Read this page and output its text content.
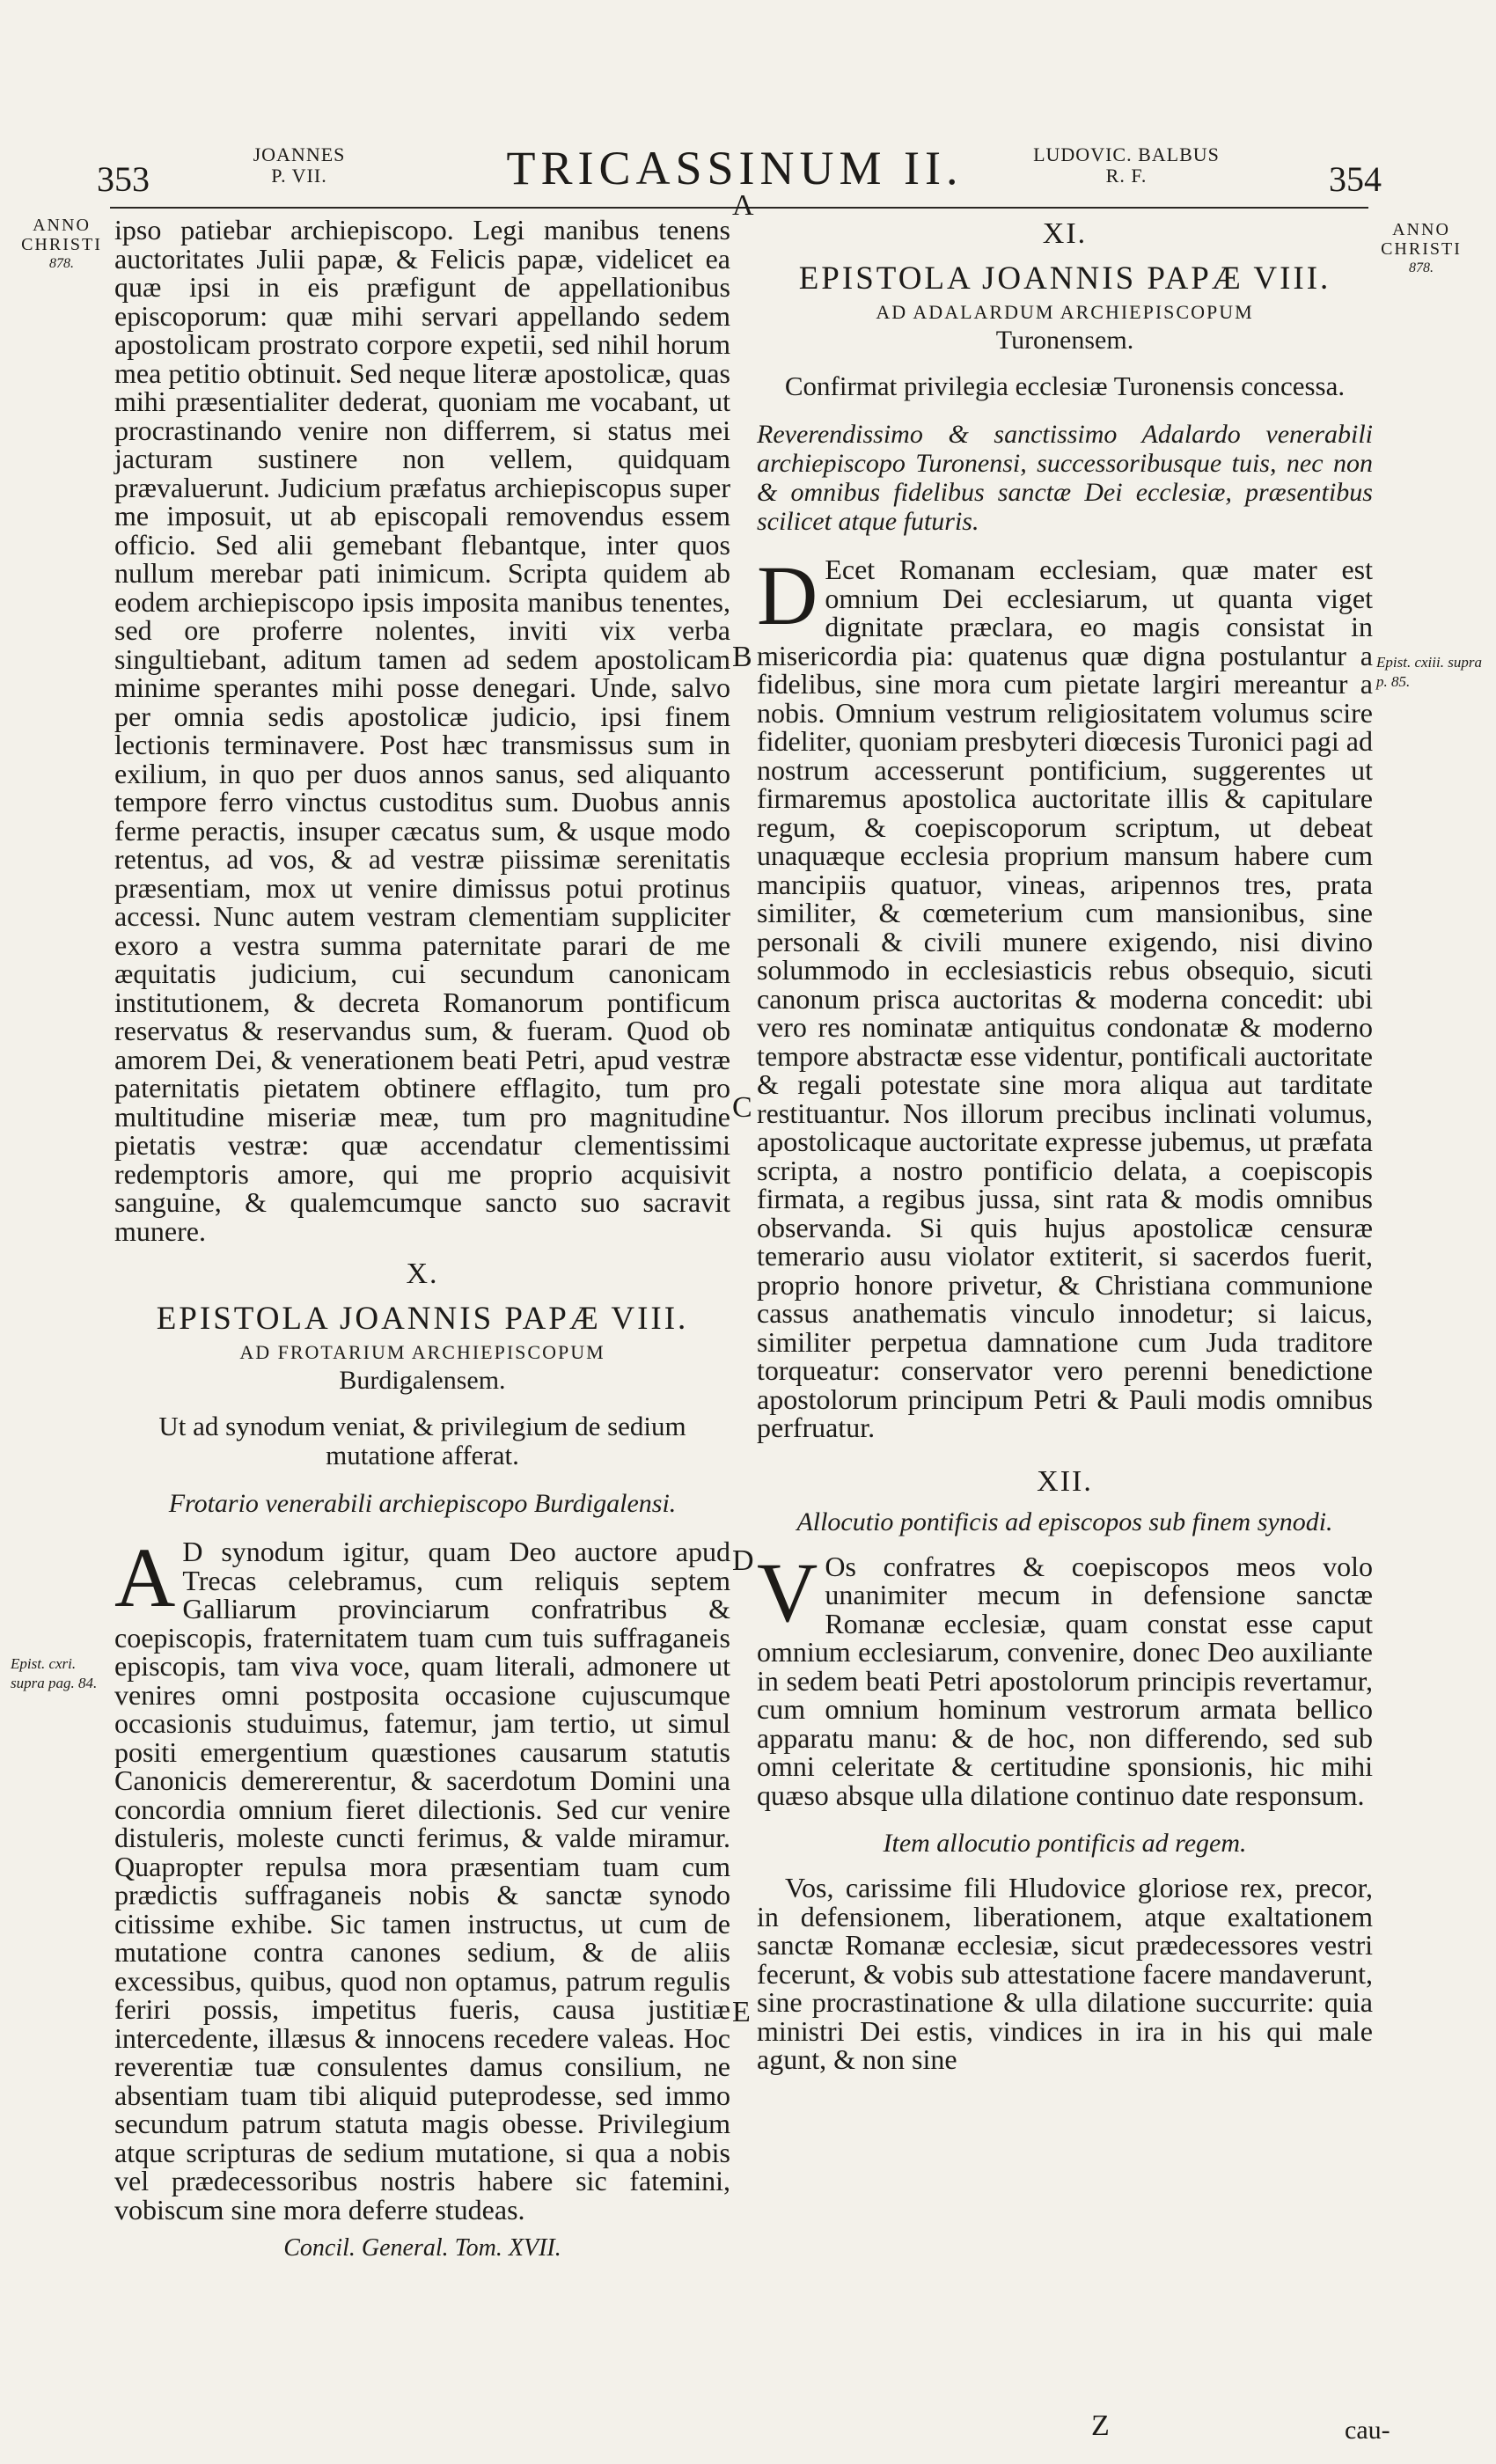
353
JOANNES
P. VII.	TRICASSINUM II.	LUDOVIC. BALBUS
R. F.	354
ANNO
CHRISTI
878.
ANNO
CHRISTI
878.
Epist. cxri. supra pag. 84.
Epist. cxiii. supra p. 85.
A
B
C
D
E

ipso patiebar archiepiscopo. Legi manibus tenens auctoritates Julii papæ, & Felicis papæ, videlicet ea quæ ipsi in eis præfigunt de appellationibus episcoporum: quæ mihi servari appellando sedem apostolicam prostrato corpore expetii, sed nihil horum mea petitio obtinuit. Sed neque literæ apostolicæ, quas mihi præsentialiter dederat, quoniam me vocabant, ut procrastinando venire non differrem, si status mei jacturam sustinere non vellem, quidquam prævaluerunt. Judicium præfatus archiepiscopus super me imposuit, ut ab episcopali removendus essem officio. Sed alii gemebant flebantque, inter quos nullum merebar pati inimicum. Scripta quidem ab eodem archiepiscopo ipsis imposita manibus tenentes, sed ore proferre nolentes, inviti vix verba singultiebant, aditum tamen ad sedem apostolicam minime sperantes mihi posse denegari. Unde, salvo per omnia sedis apostolicæ judicio, ipsi finem lectionis terminavere. Post hæc transmissus sum in exilium, in quo per duos annos sanus, sed aliquanto tempore ferro vinctus custoditus sum. Duobus annis ferme peractis, insuper cæcatus sum, & usque modo retentus, ad vos, & ad vestræ piissimæ serenitatis præsentiam, mox ut venire dimissus potui protinus accessi. Nunc autem vestram clementiam suppliciter exoro a vestra summa paternitate parari de me æquitatis judicium, cui secundum canonicam institutionem, & decreta Romanorum pontificum reservatus & reservandus sum, & fueram. Quod ob amorem Dei, & venerationem beati Petri, apud vestræ paternitatis pietatem obtinere efflagito, tum pro multitudine miseriæ meæ, tum pro magnitudine pietatis vestræ: quæ accendatur clementissimi redemptoris amore, qui me proprio acquisivit sanguine, & qualemcumque sancto suo sacravit munere.

X.
EPISTOLA JOANNIS PAPÆ VIII.
AD FROTARIUM ARCHIEPISCOPUM
Burdigalensem.

Ut ad synodum veniat, & privilegium de sedium mutatione afferat.

Frotario venerabili archiepiscopo Burdigalensi.

A D synodum igitur, quam Deo auctore apud Trecas celebramus, cum reliquis septem Galliarum provinciarum confratribus & coepiscopis, fraternitatem tuam cum tuis suffraganeis episcopis, tam viva voce, quam literali, admonere ut venires omni postposita occasione cujuscumque occasionis studuimus, fatemur, jam tertio, ut simul positi emergentium quæstiones causarum statutis Canonicis demererentur, & sacerdotum Domini una concordia omnium fieret dilectionis. Sed cur venire distuleris, moleste cuncti ferimus, & valde miramur. Quapropter repulsa mora præsentiam tuam cum prædictis suffraganeis nobis & sanctæ synodo citissime exhibe. Sic tamen instructus, ut cum de mutatione contra canones sedium, & de aliis excessibus, quibus, quod non optamus, patrum regulis feriri possis, impetitus fueris, causa justitiæ intercedente, illæsus & innocens recedere valeas. Hoc reverentiæ tuæ consulentes damus consilium, ne absentiam tuam tibi aliquid puteprodesse, sed immo secundum patrum statuta magis obesse. Privilegium atque scripturas de sedium mutatione, si qua a nobis vel prædecessoribus nostris habere sic fatemini, vobiscum sine mora deferre studeas.

Concil. General. Tom. XVII.
XI.
EPISTOLA JOANNIS PAPÆ VIII.
AD ADALARDUM ARCHIEPISCOPUM
Turonensem.

Confirmat privilegia ecclesiæ Turonensis concessa.

Reverendissimo & sanctissimo Adalardo venerabili archiepiscopo Turonensi, successoribusque tuis, nec non & omnibus fidelibus sanctæ Dei ecclesiæ, præsentibus scilicet atque futuris.

D Ecet Romanam ecclesiam, quæ mater est omnium Dei ecclesiarum, ut quanta viget dignitate præclara, eo magis consistat in misericordia pia: quatenus quæ digna postulantur a fidelibus, sine mora cum pietate largiri mereantur a nobis. Omnium vestrum religiositatem volumus scire fideliter, quoniam presbyteri diœcesis Turonici pagi ad nostrum accesserunt pontificium, suggerentes ut firmaremus apostolica auctoritate illis & capitulare regum, & coepiscoporum scriptum, ut debeat unaquæque ecclesia proprium mansum habere cum mancipiis quatuor, vineas, aripennos tres, prata similiter, & cœmeterium cum mansionibus, sine personali & civili munere exigendo, nisi divino solummodo in ecclesiasticis rebus obsequio, sicuti canonum prisca auctoritas & moderna concedit: ubi vero res nominatæ antiquitus condonatæ & moderno tempore abstractæ esse videntur, pontificali auctoritate & regali potestate sine mora aliqua aut tarditate restituantur. Nos illorum precibus inclinati volumus, apostolicaque auctoritate expresse jubemus, ut præfata scripta, a nostro pontificio delata, a coepiscopis firmata, a regibus jussa, sint rata & modis omnibus observanda. Si quis hujus apostolicæ censuræ temerario ausu violator extiterit, si sacerdos fuerit, proprio honore privetur, & Christiana communione cassus anathematis vinculo innodetur; si laicus, similiter perpetua damnatione cum Juda traditore torqueatur: conservator vero perenni benedictione apostolorum principum Petri & Pauli modis omnibus perfruatur.

XII.

Allocutio pontificis ad episcopos sub finem synodi.

V Os confratres & coepiscopos meos volo unanimiter mecum in defensione sanctæ Romanæ ecclesiæ, quam constat esse caput omnium ecclesiarum, convenire, donec Deo auxiliante in sedem beati Petri apostolorum principis revertamur, cum omnium hominum vestrorum armata bellico apparatu manu: & de hoc, non differendo, sed sub omni celeritate & certitudine sponsionis, hic mihi quæso absque ulla dilatione continuo date responsum.

Item allocutio pontificis ad regem.

Vos, carissime fili Hludovice gloriose rex, precor, in defensionem, liberationem, atque exaltationem sanctæ Romanæ ecclesiæ, sicut prædecessores vestri fecerunt, & vobis sub attestatione facere mandaverunt, sine procrastinatione & ulla dilatione succurrite: quia ministri Dei estis, vindices in ira in his qui male agunt, & non sine

Z	cau-
